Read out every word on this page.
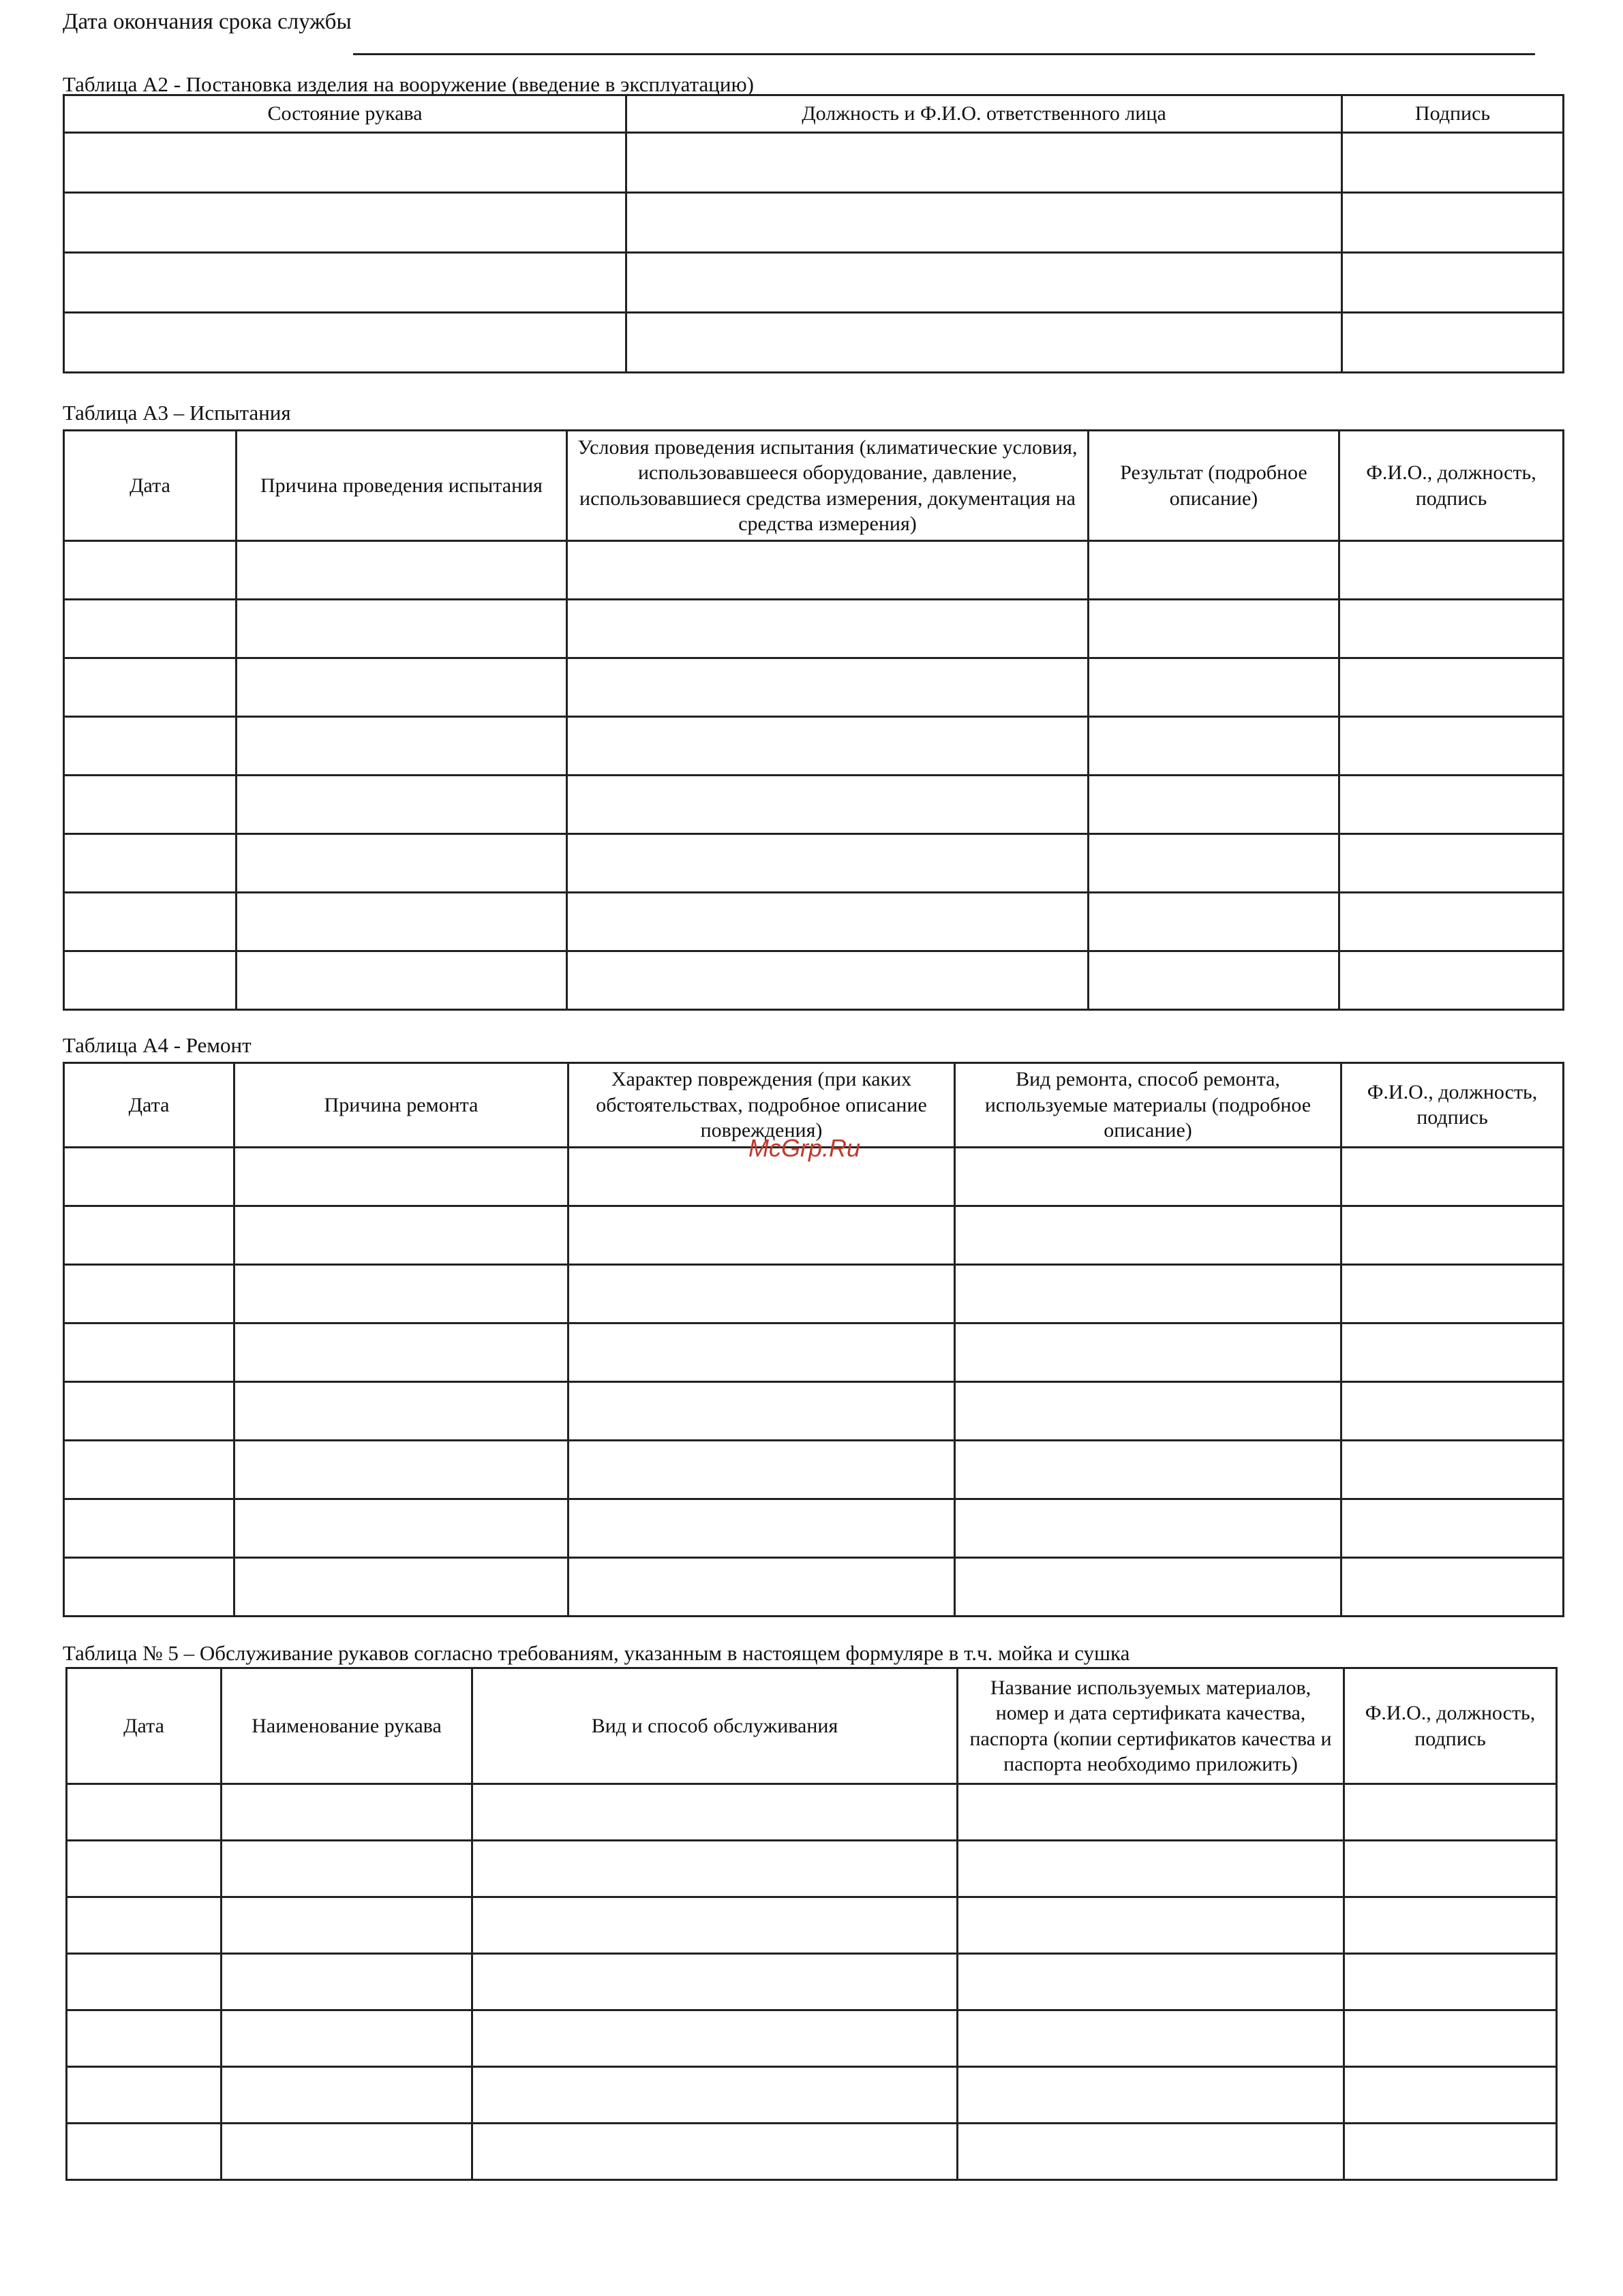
Дата окончания срока службы
Таблица А2 - Постановка изделия на вооружение (введение в эксплуатацию)
Состояние рукава	Должность и Ф.И.О. ответственного лица	Подпись

Таблица А3 – Испытания
Дата	Причина проведения испытания	Условия проведения испытания (климатические условия, использовавшееся оборудование, давление, использовавшиеся средства измерения, документация на средства измерения)	Результат (подробное описание)	Ф.И.О., должность, подпись

Таблица А4 - Ремонт
Дата	Причина ремонта	Характер повреждения (при каких обстоятельствах, подробное описание повреждения)	Вид ремонта, способ ремонта, используемые материалы (подробное описание)	Ф.И.О., должность, подпись

McGrp.Ru
Таблица № 5 – Обслуживание рукавов согласно требованиям, указанным в настоящем формуляре в т.ч. мойка и сушка
Дата	Наименование рукава	Вид и способ обслуживания	Название используемых материалов, номер и дата сертификата качества, паспорта (копии сертификатов качества и паспорта необходимо приложить)	Ф.И.О., должность, подпись
